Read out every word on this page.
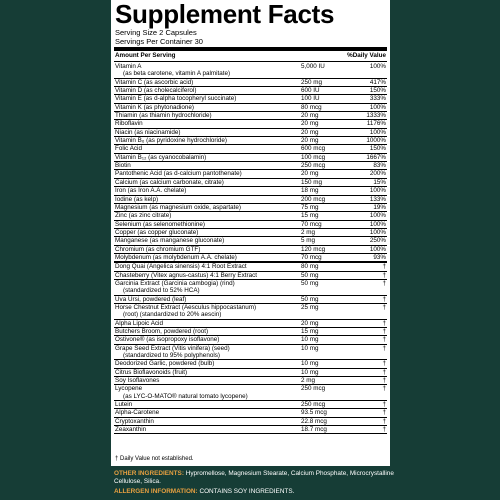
Supplement Facts
Serving Size 2 Capsules
Servings Per Container 30
Amount Per Serving	%Daily Value
Vitamin A
(as beta carotene, vitamin A palmitate)
5,000 IU	100%
Vitamin C (as ascorbic acid)	250 mg	417%
Vitamin D (as cholecalciferol)	600 IU	150%
Vitamin E (as d-alpha tocopheryl succinate)	100 IU	333%
Vitamin K (as phytonadione)	80 mcg	100%
Thiamin (as thiamin hydrochloride)	20 mg	1333%
Riboflavin	20 mg	1176%
Niacin (as niacinamide)	20 mg	100%
Vitamin B₆ (as pyridoxine hydrochloride)	20 mg	1000%
Folic Acid	600 mcg	150%
Vitamin B₁₂ (as cyanocobalamin)	100 mcg	1667%
Biotin	250 mcg	83%
Pantothenic Acid (as d-calcium pantothenate)	20 mg	200%
Calcium (as calcium carbonate, citrate)	150 mg	15%
Iron (as Iron A.A. chelate)	18 mg	100%
Iodine (as kelp)	200 mcg	133%
Magnesium (as magnesium oxide, aspartate)	75 mg	19%
Zinc (as zinc citrate)	15 mg	100%
Selenium (as selenomethionine)	70 mcg	100%
Copper (as copper gluconate)	2 mg	100%
Manganese (as manganese gluconate)	5 mg	250%
Chromium (as chromium GTF)	120 mcg	100%
Molybdenum (as molybdenum A.A. chelate)	70 mcg	93%
Dong Quai (Angelica sinensis) 4:1 Root Extract	80 mg	†
Chasteberry (Vitex agnus-castus) 4:1 Berry Extract	50 mg	†
Garcinia Extract (Garcinia cambogia) (rind)
(standardized to 52% HCA)
50 mg	†
Uva Ursi, powdered (leaf)	50 mg	†
Horse Chestnut Extract (Aesculus hippocastanum)
(root) (standardized to 20% aescin)
25 mg	†
Alpha Lipoic Acid	20 mg	†
Butchers Broom, powdered (root)	15 mg	†
Ostivone® (as isopropoxy isoflavone)	10 mg	†
Grape Seed Extract (Vitis vinifera) (seed)
(standardized to 95% polyphenols)
10 mg	†
Deodorized Garlic, powdered (bulb)	10 mg	†
Citrus Bioflavonoids (fruit)	10 mg	†
Soy Isoflavones	2 mg	†
Lycopene
(as LYC-O-MATO® natural tomato lycopene)
250 mcg	†
Lutein	250 mcg	†
Alpha-Carotene	93.5 mcg	†
Cryptoxanthin	22.8 mcg	†
Zeaxanthin	18.7 mcg	†
† Daily Value not established.
OTHER INGREDIENTS: Hypromellose, Magnesium Stearate, Calcium Phosphate, Microcrystalline Cellulose, Silica.
ALLERGEN INFORMATION: CONTAINS SOY INGREDIENTS.
